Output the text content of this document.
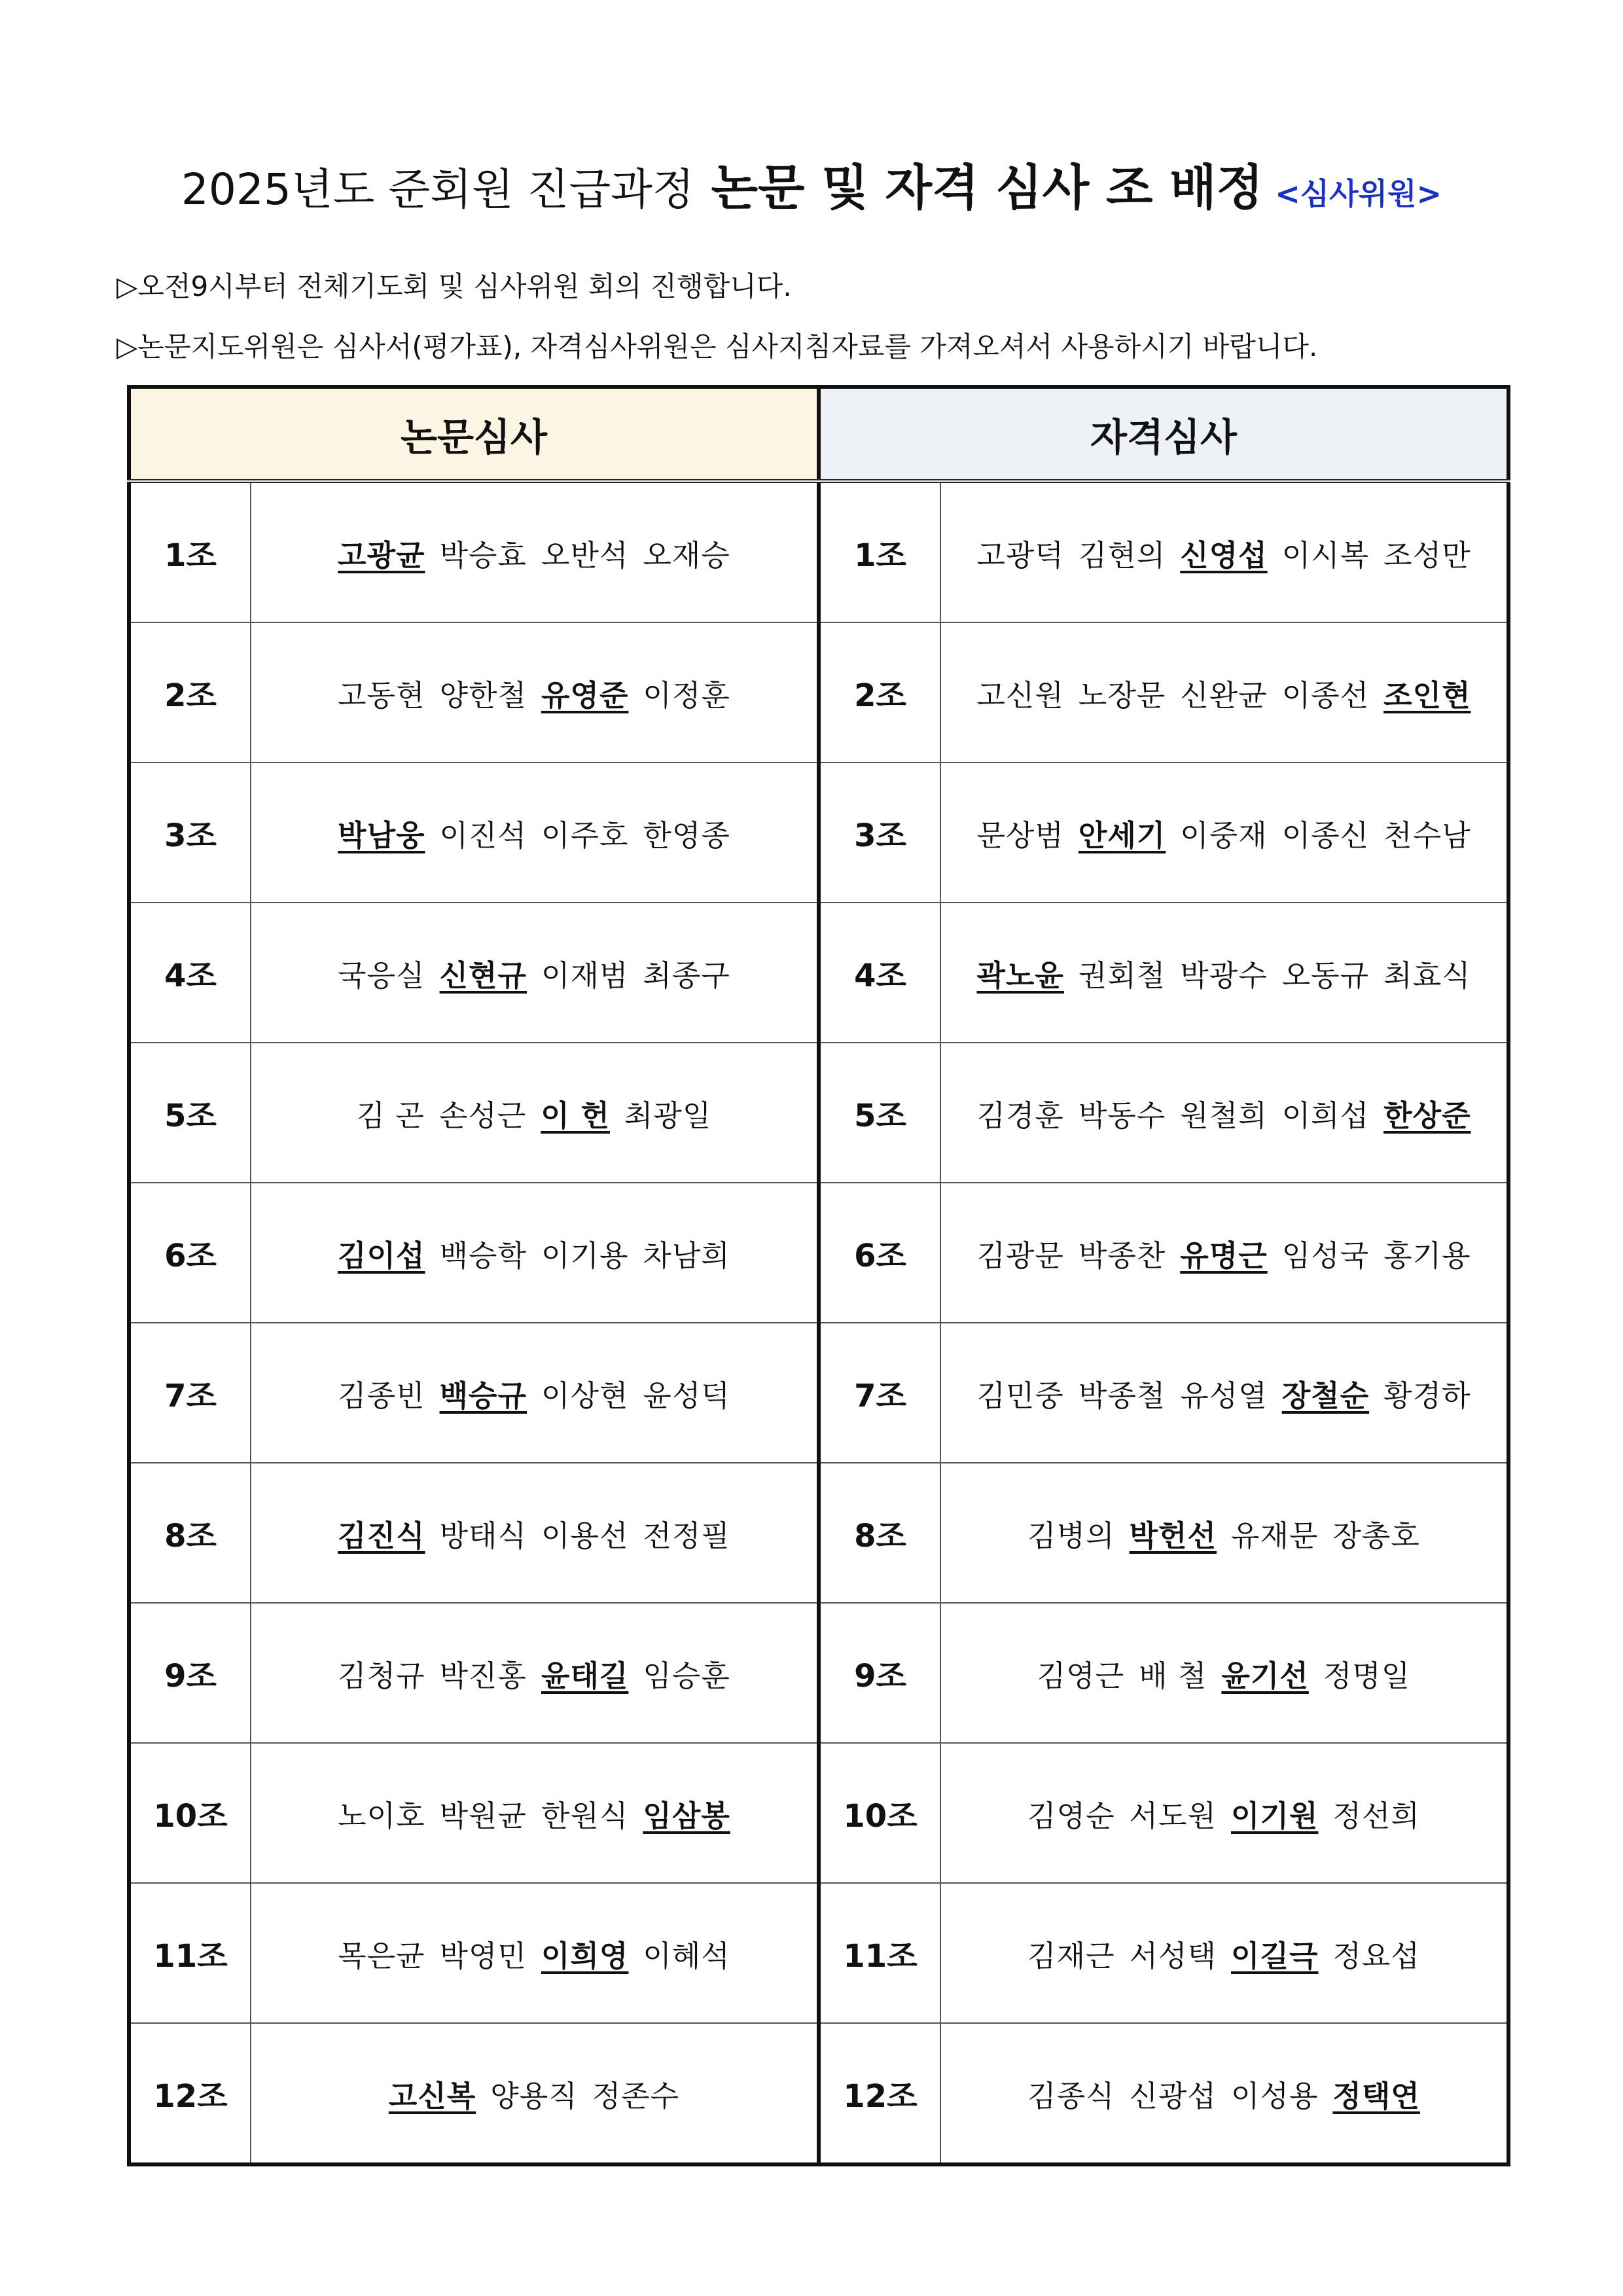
2025년도 준회원 진급과정 논문 및 자격 심사 조 배정 <심사위원>
▷오전9시부터 전체기도회 및 심사위원 회의 진행합니다.
▷논문지도위원은 심사서(평가표), 자격심사위원은 심사지침자료를 가져오셔서 사용하시기 바랍니다.
논문심사		자격심사	
1조	고광균 박승효 오반석 오재승	1조	고광덕 김현의 신영섭 이시복 조성만
2조	고동현 양한철 유영준 이정훈	2조	고신원 노장문 신완균 이종선 조인현
3조	박남웅 이진석 이주호 한영종	3조	문상범 안세기 이중재 이종신 천수남
4조	국응실 신현규 이재범 최종구	4조	곽노윤 권회철 박광수 오동규 최효식
5조	김 곤 손성근 이 헌 최광일	5조	김경훈 박동수 원철희 이희섭 한상준
6조	김이섭 백승학 이기용 차남희	6조	김광문 박종찬 유명근 임성국 홍기용
7조	김종빈 백승규 이상현 윤성덕	7조	김민중 박종철 유성열 장철순 황경하
8조	김진식 방태식 이용선 전정필	8조	김병의 박헌선 유재문 장총호
9조	김청규 박진홍 윤태길 임승훈	9조	김영근 배 철 윤기선 정명일
10조	노이호 박원균 한원식 임삼봉	10조	김영순 서도원 이기원 정선희
11조	목은균 박영민 이희영 이혜석	11조	김재근 서성택 이길극 정요섭
12조	고신복 양용직 정존수	12조	김종식 신광섭 이성용 정택연
